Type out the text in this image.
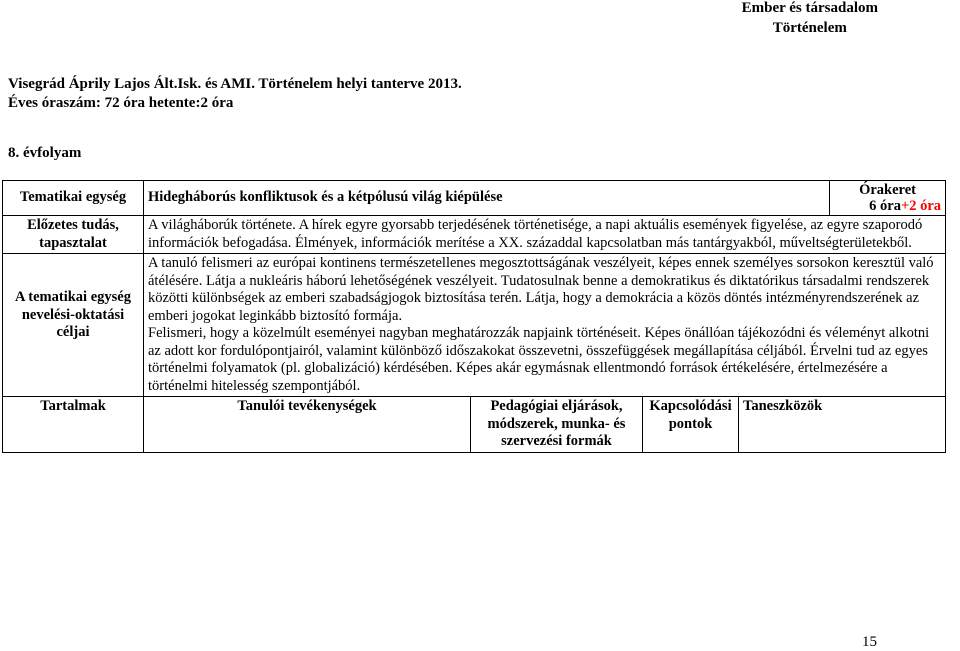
Ember és társadalom
Történelem
Visegrád Áprily Lajos Ált.Isk. és AMI. Történelem helyi tanterve 2013.
Éves óraszám: 72 óra hetente:2 óra
8. évfolyam
Tematikai egység	Hidegháborús konfliktusok és a kétpólusú világ kiépülése				Órakeret
6 óra+2 óra

Előzetes tudás, tapasztalat	A világháborúk története. A hírek egyre gyorsabb terjedésének történetisége, a napi aktuális események figyelése, az egyre szaporodó információk befogadása. Élmények, információk merítése a XX. századdal kapcsolatban más tantárgyakból, műveltségterületekből.				
A tematikai egység nevelési-oktatási céljai	A tanuló felismeri az európai kontinens természetellenes megosztottságának veszélyeit, képes ennek személyes sorsokon keresztül való átélésére. Látja a nukleáris háború lehetőségének veszélyeit. Tudatosulnak benne a demokratikus és diktatórikus társadalmi rendszerek közötti különbségek az emberi szabadságjogok biztosítása terén. Látja, hogy a demokrácia a közös döntés intézményrendszerének az emberi jogokat leginkább biztosító formája.
Felismeri, hogy a közelmúlt eseményei nagyban meghatározzák napjaink történéseit. Képes önállóan tájékozódni és véleményt alkotni az adott kor fordulópontjairól, valamint különböző időszakokat összevetni, összefüggések megállapítása céljából. Érvelni tud az egyes történelmi folyamatok (pl. globalizáció) kérdésében. Képes akár egymásnak ellentmondó források értékelésére, értelmezésére a történelmi hitelesség szempontjából.				
Tartalmak	Tanulói tevékenységek	Pedagógiai eljárások, módszerek, munka- és szervezési formák	Kapcsolódási pontok	Taneszközök	
15
